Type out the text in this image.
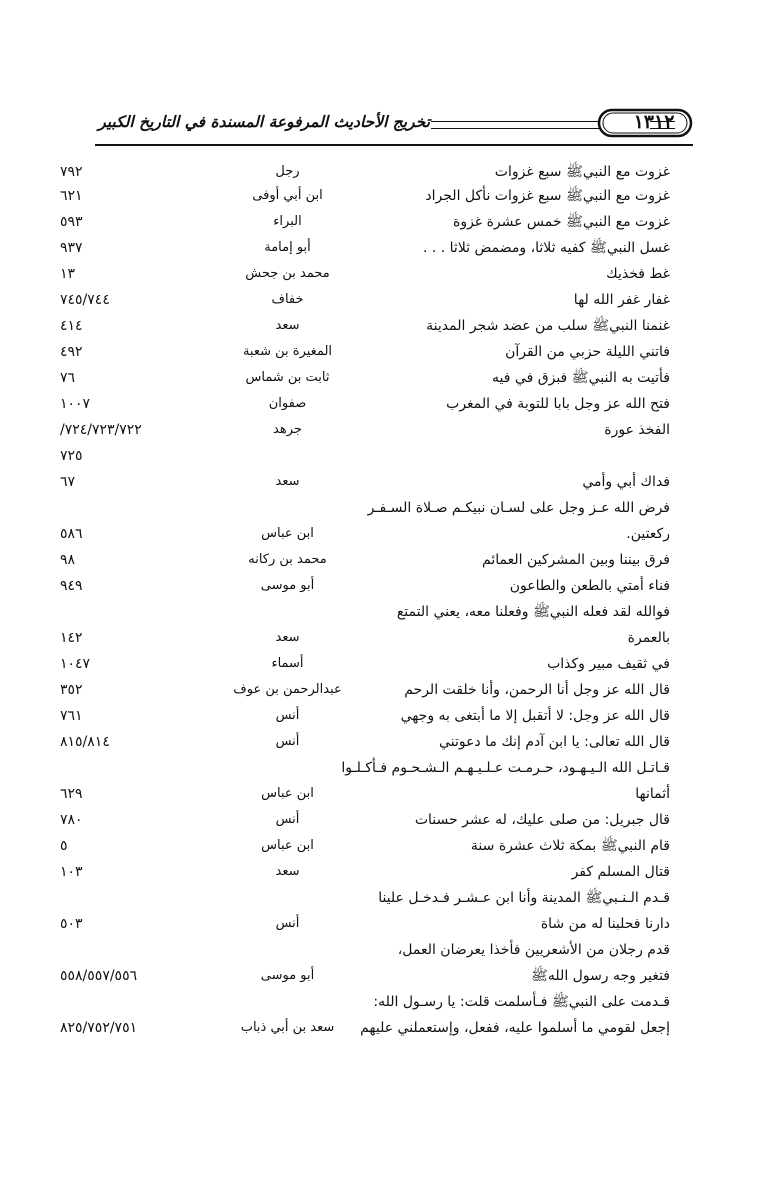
تخريج الأحاديث المرفوعة المسندة في التاريخ الكبير	١٣١٢
غزوت مع النبيﷺ سبع غزوات
رجل
٧٩٢
غزوت مع النبيﷺ سبع غزوات نأكل الجراد
ابن أبي أوفى
٦٢١
غزوت مع النبيﷺ خمس عشرة غزوة
البراء
٥٩٣
غسل النبيﷺ كفيه ثلاثا، ومضمض ثلاثا . . .
أبو إمامة
٩٣٧
غط فخذيك
محمد بن جحش
١٣
غفار غفر الله لها
خفاف
٧٤٥/٧٤٤
غنمنا النبيﷺ سلب من عضد شجر المدينة
سعد
٤١٤
فاتني الليلة حزبي من القرآن
المغيرة بن شعبة
٤٩٢
فأتيت به النبيﷺ فبزق في فيه
ثابت بن شماس
٧٦
فتح الله عز وجل بابا للتوبة في المغرب
صفوان
١٠٠٧
الفخذ عورة
جرهد
/٧٢٤/٧٢٣/٧٢٢
٧٢٥
فداك أبي وأمي
سعد
٦٧
فرض الله عـز وجل على لسـان نبيكـم صـلاة السـفـر
ركعتين.
ابن عباس
٥٨٦
فرق بيننا وبين المشركين العمائم
محمد بن ركانه
٩٨
فناء أمتي بالطعن والطاعون
أبو موسى
٩٤٩
فوالله لقد فعله النبيﷺ وفعلنا معه، يعني التمتع
بالعمرة
سعد
١٤٢
في ثقيف مبير وكذاب
أسماء
١٠٤٧
قال الله عز وجل أنا الرحمن، وأنا خلقت الرحم
عبدالرحمن بن عوف
٣٥٢
قال الله عز وجل: لا أتقبل إلا ما أبتغى به وجهي
أنس
٧٦١
قال الله تعالى: يا ابن آدم إنك ما دعوتني
أنس
٨١٥/٨١٤
قـاتـل الله الـيـهـود، حـرمـت عـلـيـهـم الـشـحـوم فـأكـلـوا
أثمانها
ابن عباس
٦٢٩
قال جبريل: من صلى عليك، له عشر حسنات
أنس
٧٨٠
قام النبيﷺ بمكة ثلاث عشرة سنة
ابن عباس
٥
قتال المسلم كفر
سعد
١٠٣
قـدم الـنـبيﷺ المدينة وأنا ابن عـشـر فـدخـل علينا
دارنا فحلبنا له من شاة
أنس
٥٠٣
قدم رجلان من الأشعريين فأخذا يعرضان العمل،
فتغير وجه رسول اللهﷺ
أبو موسى
٥٥٨/٥٥٧/٥٥٦
قـدمت على النبيﷺ فـأسلمت قلت: يا رسـول الله:
إجعل لقومي ما أسلموا عليه، ففعل، وإستعملني عليهم
سعد بن أبي ذباب
٨٢٥/٧٥٢/٧٥١
